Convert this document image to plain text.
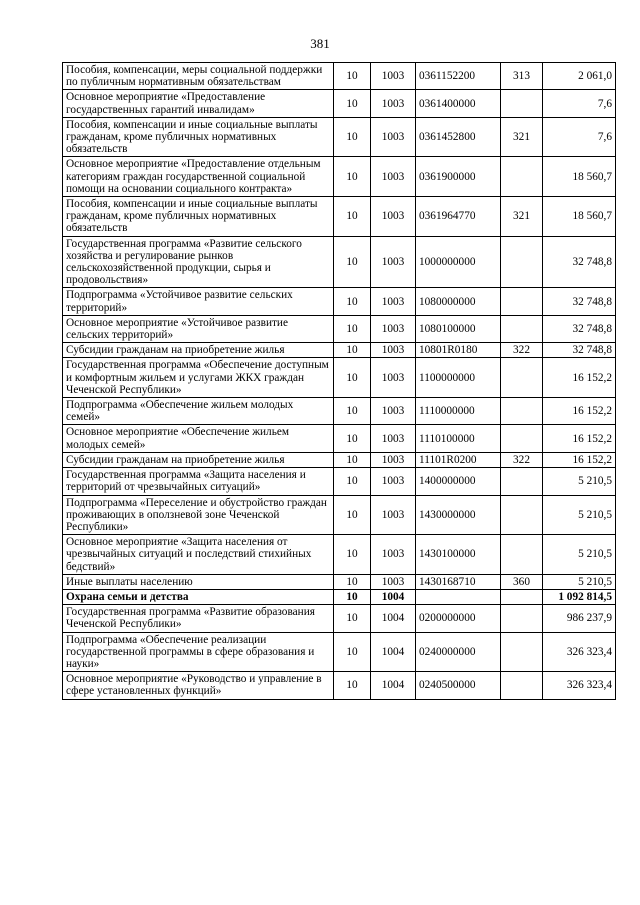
381
Пособия, компенсации, меры социальной поддержки по публичным нормативным обязательствам	10	1003	0361152200	313	2 061,0
Основное мероприятие «Предоставление государственных гарантий инвалидам»	10	1003	0361400000		7,6
Пособия, компенсации и иные социальные выплаты гражданам, кроме публичных нормативных обязательств	10	1003	0361452800	321	7,6
Основное мероприятие «Предоставление отдельным категориям граждан государственной социальной помощи на основании социального контракта»	10	1003	0361900000		18 560,7
Пособия, компенсации и иные социальные выплаты гражданам, кроме публичных нормативных обязательств	10	1003	0361964770	321	18 560,7
Государственная программа «Развитие сельского хозяйства и регулирование рынков сельскохозяйственной продукции, сырья и продовольствия»	10	1003	1000000000		32 748,8
Подпрограмма «Устойчивое развитие сельских территорий»	10	1003	1080000000		32 748,8
Основное мероприятие «Устойчивое развитие сельских территорий»	10	1003	1080100000		32 748,8
Субсидии гражданам на приобретение жилья	10	1003	10801R0180	322	32 748,8
Государственная программа «Обеспечение доступным и комфортным жильем и услугами ЖКХ граждан Чеченской Республики»	10	1003	1100000000		16 152,2
Подпрограмма «Обеспечение жильем молодых семей»	10	1003	1110000000		16 152,2
Основное мероприятие «Обеспечение жильем молодых семей»	10	1003	1110100000		16 152,2
Субсидии гражданам на приобретение жилья	10	1003	11101R0200	322	16 152,2
Государственная программа «Защита населения и территорий от чрезвычайных ситуаций»	10	1003	1400000000		5 210,5
Подпрограмма «Переселение и обустройство граждан проживающих в оползневой зоне Чеченской Республики»	10	1003	1430000000		5 210,5
Основное мероприятие «Защита населения от чрезвычайных ситуаций и последствий стихийных бедствий»	10	1003	1430100000		5 210,5
Иные выплаты населению	10	1003	1430168710	360	5 210,5
Охрана семьи и детства	10	1004			1 092 814,5
Государственная программа «Развитие образования Чеченской Республики»	10	1004	0200000000		986 237,9
Подпрограмма «Обеспечение реализации государственной программы в сфере образования и науки»	10	1004	0240000000		326 323,4
Основное мероприятие «Руководство и управление в сфере установленных функций»	10	1004	0240500000		326 323,4
